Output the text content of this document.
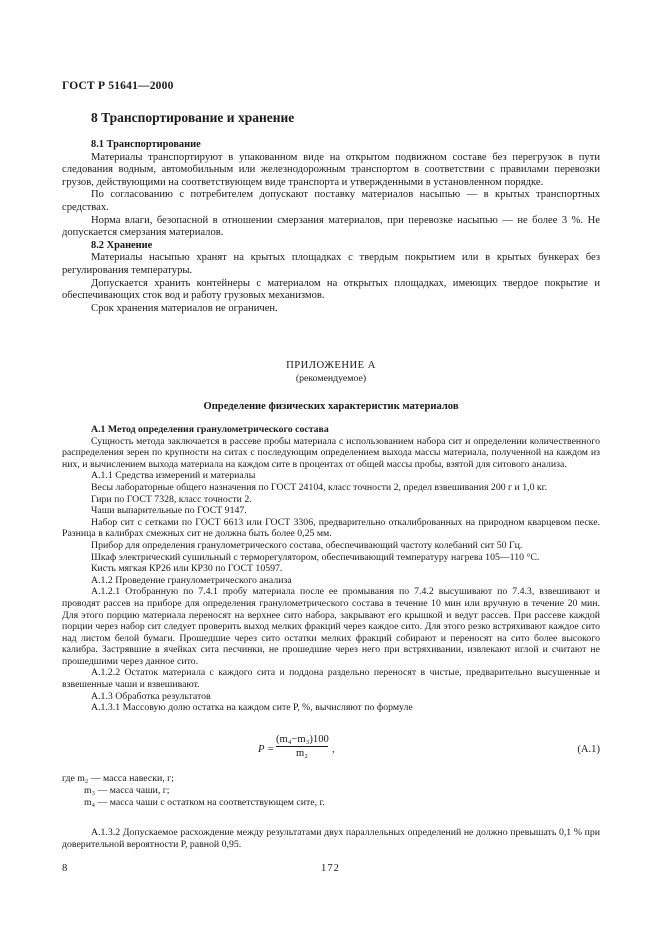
ГОСТ Р 51641—2000
8 Транспортирование и хранение

8.1 Транспортирование

Материалы транспортируют в упакованном виде на открытом подвижном составе без перегрузок в пути следования водным, автомобильным или железнодорожным транспортом в соответствии с правилами перевозки грузов, действующими на соответствующем виде транспорта и утвержденными в установленном порядке.

По согласованию с потребителем допускают поставку материалов насыпью — в крытых транспортных средствах.

Норма влаги, безопасной в отношении смерзания материалов, при перевозке насыпью — не более 3 %. Не допускается смерзания материалов.

8.2 Хранение

Материалы насыпью хранят на крытых площадках с твердым покрытием или в крытых бункерах без регулирования температуры.

Допускается хранить контейнеры с материалом на открытых площадках, имеющих твердое покрытие и обеспечивающих сток вод и работу грузовых механизмов.

Срок хранения материалов не ограничен.

ПРИЛОЖЕНИЕ А
(рекомендуемое)
Определение физических характеристик материалов

А.1 Метод определения гранулометрического состава

Сущность метода заключается в рассеве пробы материала с использованием набора сит и определении количественного распределения зерен по крупности на ситах с последующим определением выхода массы материала, полученной на каждом из них, и вычислением выхода материала на каждом сите в процентах от общей массы пробы, взятой для ситового анализа.

А.1.1 Средства измерений и материалы

Весы лабораторные общего назначения по ГОСТ 24104, класс точности 2, предел взвешивания 200 г и 1,0 кг.

Гири по ГОСТ 7328, класс точности 2.

Чаши выпарительные по ГОСТ 9147.

Набор сит с сетками по ГОСТ 6613 или ГОСТ 3306, предварительно откалиброванных на природном кварцевом песке. Разница в калибрах смежных сит не должна быть более 0,25 мм.

Прибор для определения гранулометрического состава, обеспечивающий частоту колебаний сит 50 Гц.

Шкаф электрический сушильный с терморегулятором, обеспечивающий температуру нагрева 105—110 °С.

Кисть мягкая КР26 или КР30 по ГОСТ 10597.

А.1.2 Проведение гранулометрического анализа

А.1.2.1 Отобранную по 7.4.1 пробу материала после ее промывания по 7.4.2 высушивают по 7.4.3, взвешивают и проводят рассев на приборе для определения гранулометрического состава в течение 10 мин или вручную в течение 20 мин. Для этого порцию материала переносят на верхнее сито набора, закрывают его крышкой и ведут рассев. При рассеве каждой порции через набор сит следует проверить выход мелких фракций через каждое сито. Для этого резко встряхивают каждое сито над листом белой бумаги. Прошедшие через сито остатки мелких фракций собирают и переносят на сито более высокого калибра. Застрявшие в ячейках сита песчинки, не прошедшие через него при встряхивании, извлекают иглой и считают не прошедшими через данное сито.

А.1.2.2 Остаток материала с каждого сита и поддона раздельно переносят в чистые, предварительно высушенные и взвешенные чаши и взвешивают.

А.1.3 Обработка результатов

А.1.3.1 Массовую долю остатка на каждом сите Р, %, вычисляют по формуле

$Р = \frac{\text{(m₄−m₃)100}}{\text{m₂}}$ ,	(А.1)
где m₂ — масса навески, г;
m₃ — масса чаши, г;
m₄ — масса чаши с остатком на соответствующем сите, г.

А.1.3.2 Допускаемое расхождение между результатами двух параллельных определений не должно превышать 0,1 % при доверительной вероятности Р, равной 0,95.

8	172
